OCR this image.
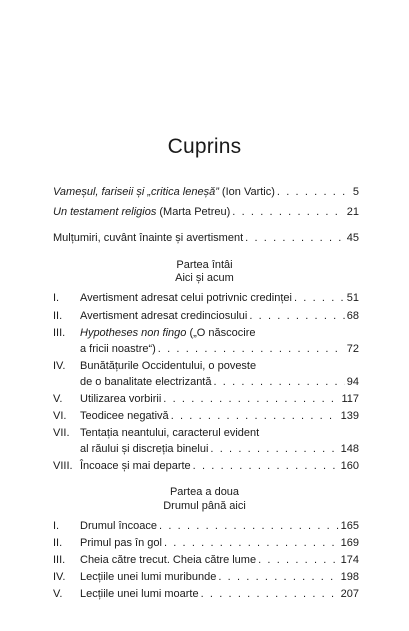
Cuprins
Vameșul, fariseii și „critica leneșă” (Ion Vartic) . . .	5
Un testament religios (Marta Petreu) . . .	21
Mulțumiri, cuvânt înainte și avertisment . . .	45
Partea întâi
Aici și acum
I.	Avertisment adresat celui potrivnic credinței . . .	51
II.	Avertisment adresat credinciosului . . .	68
III.	Hypotheses non fingo („O născocire
a fricii noastre“) . . .	72
IV.	Bunătățurile Occidentului, o poveste
de o banalitate electrizantă . . .	94
V.	Utilizarea vorbirii . . .	117
VI.	Teodicee negativă . . .	139
VII. Tentația neantului, caracterul evident
al răului și discreția binelui . . .	148
VIII. Încoace și mai departe . . .	160
Partea a doua
Drumul până aici
I.	Drumul încoace . . .	165
II.	Primul pas în gol . . .	169
III.	Cheia către trecut. Cheia către lume . . .	174
IV.	Lecțiile unei lumi muribunde . . .	198
V.	Lecțiile unei lumi moarte . . .	207
